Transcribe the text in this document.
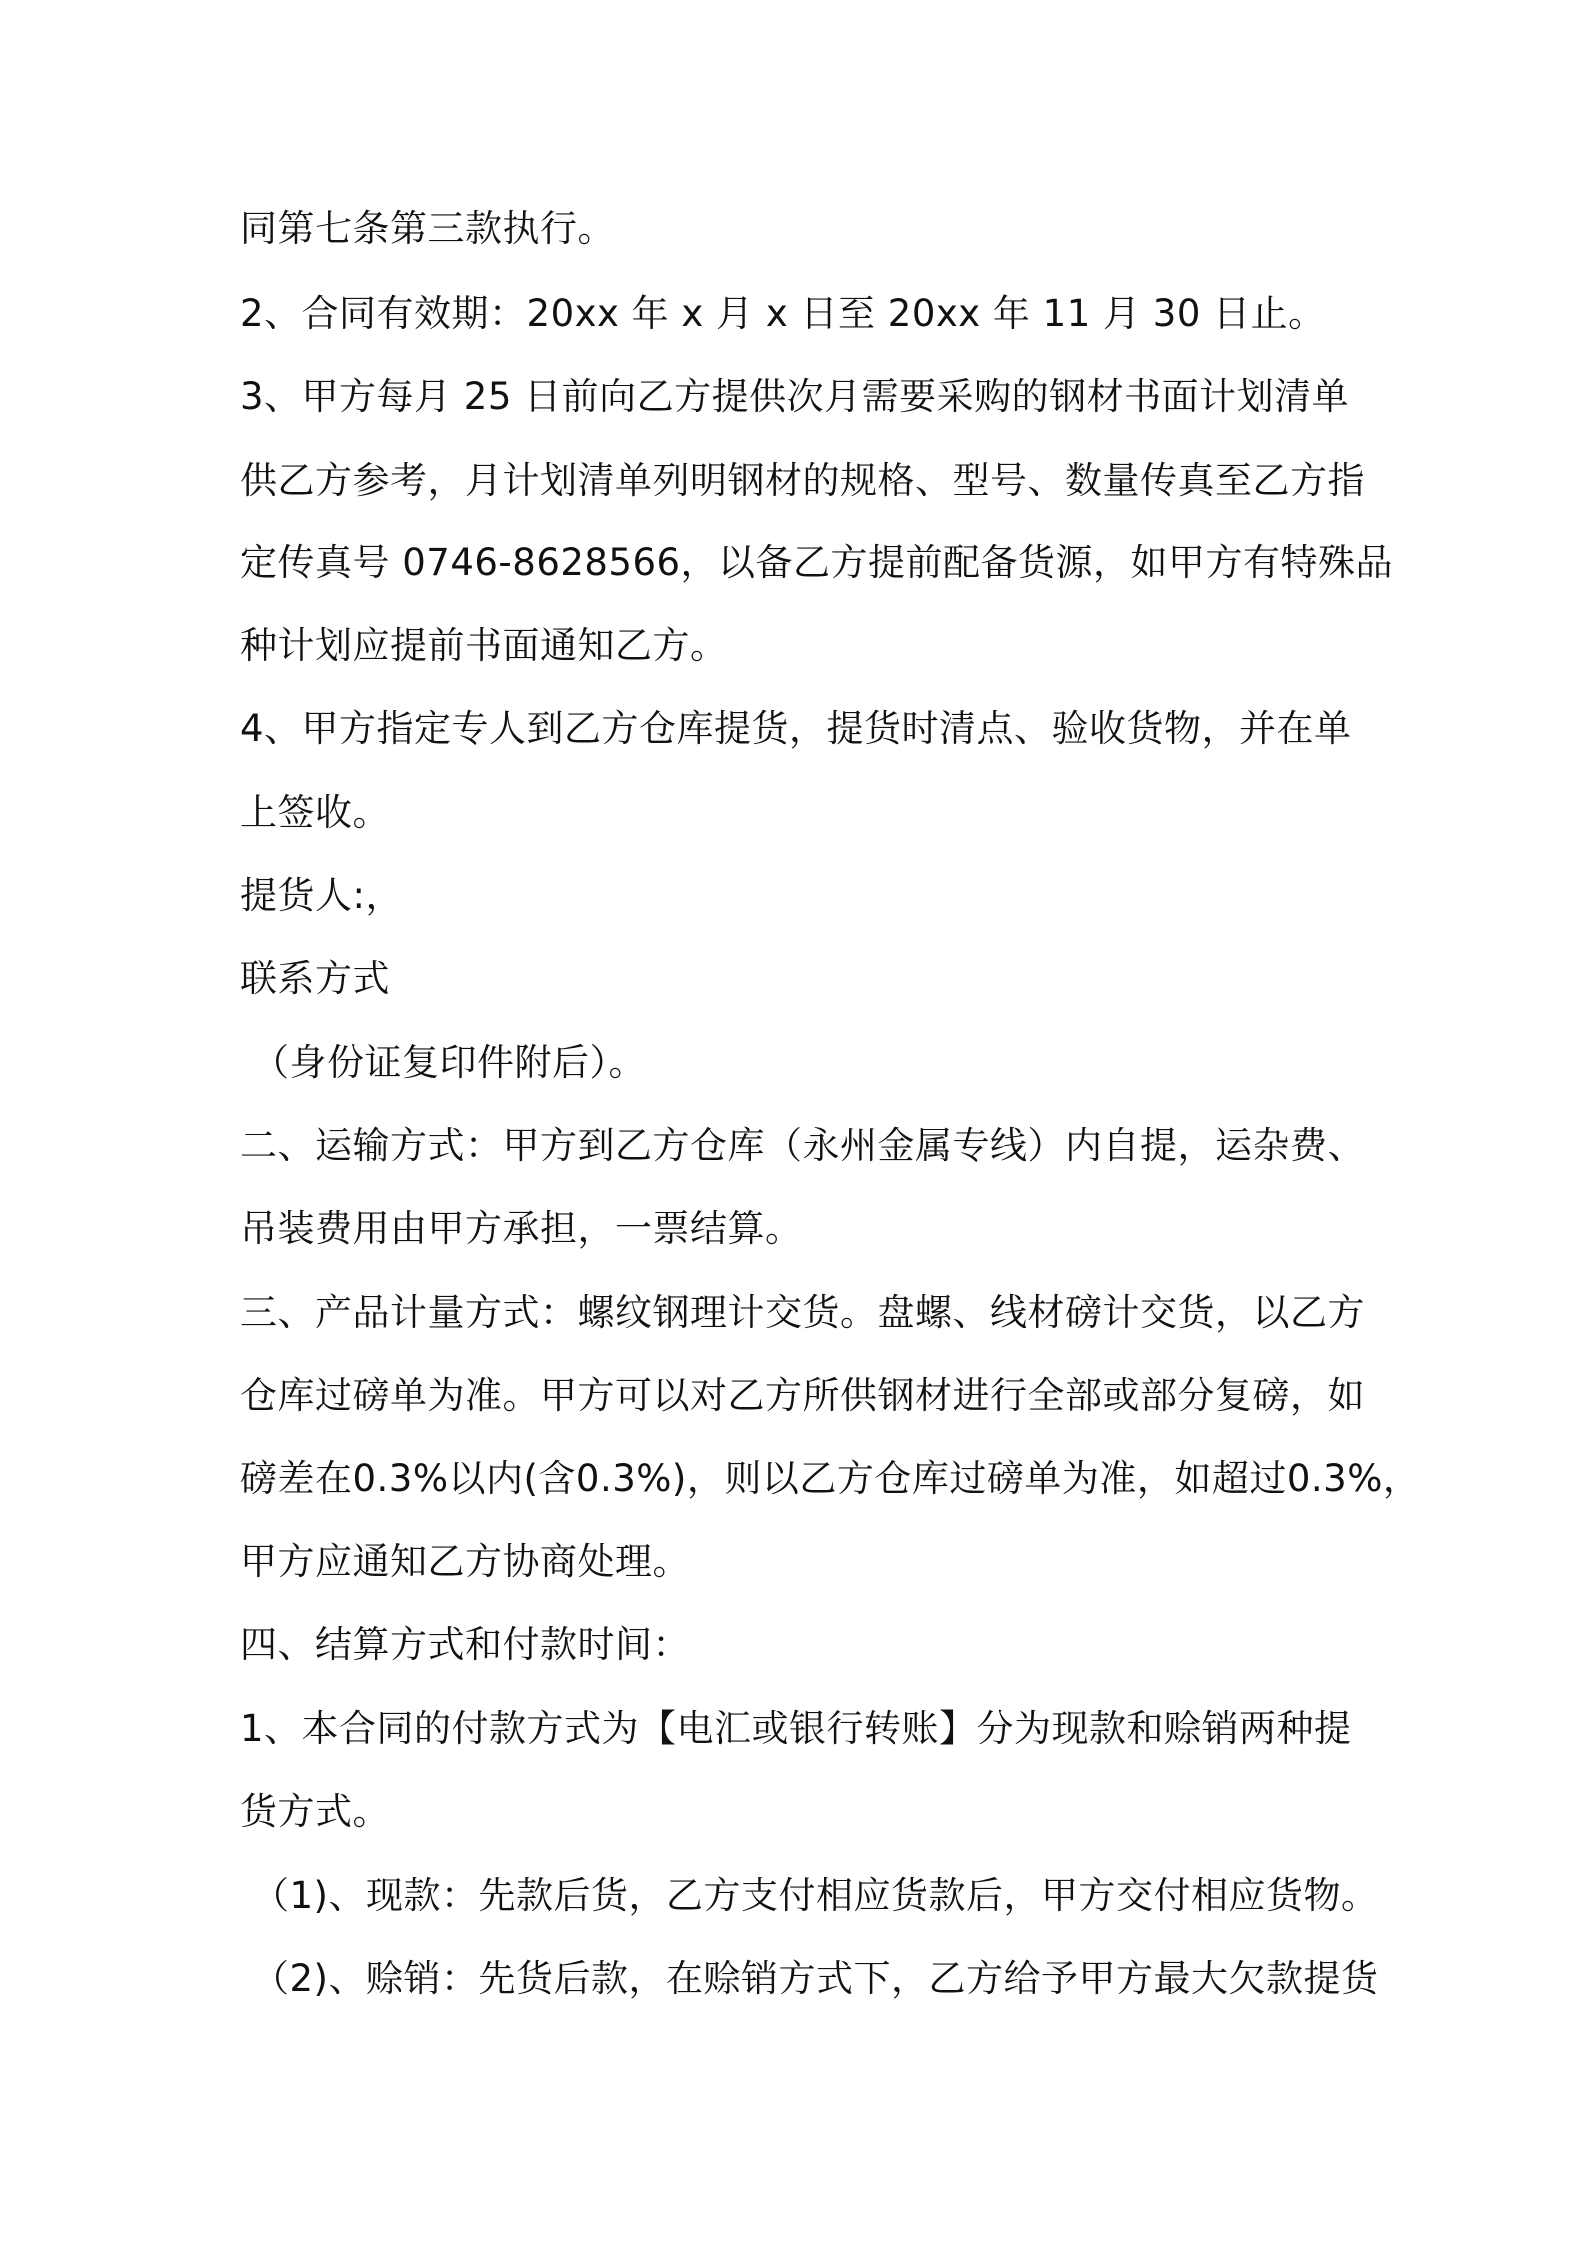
同第七条第三款执行。
2、合同有效期：20xx 年 x 月 x 日至 20xx 年 11 月 30 日止。
3、甲方每月 25 日前向乙方提供次月需要采购的钢材书面计划清单
供乙方参考，月计划清单列明钢材的规格、型号、数量传真至乙方指
定传真号 0746-8628566，以备乙方提前配备货源，如甲方有特殊品
种计划应提前书面通知乙方。
4、甲方指定专人到乙方仓库提货，提货时清点、验收货物，并在单
上签收。
提货人:，
联系方式
（身份证复印件附后）。
二、运输方式：甲方到乙方仓库（永州金属专线）内自提，运杂费、
吊装费用由甲方承担，一票结算。
三、产品计量方式：螺纹钢理计交货。盘螺、线材磅计交货，以乙方
仓库过磅单为准。甲方可以对乙方所供钢材进行全部或部分复磅，如
磅差在0.3%以内(含0.3%)，则以乙方仓库过磅单为准，如超过0.3%，
甲方应通知乙方协商处理。
四、结算方式和付款时间：
1、本合同的付款方式为【电汇或银行转账】分为现款和赊销两种提
货方式。
（1)、现款：先款后货，乙方支付相应货款后，甲方交付相应货物。
（2)、赊销：先货后款，在赊销方式下，乙方给予甲方最大欠款提货
